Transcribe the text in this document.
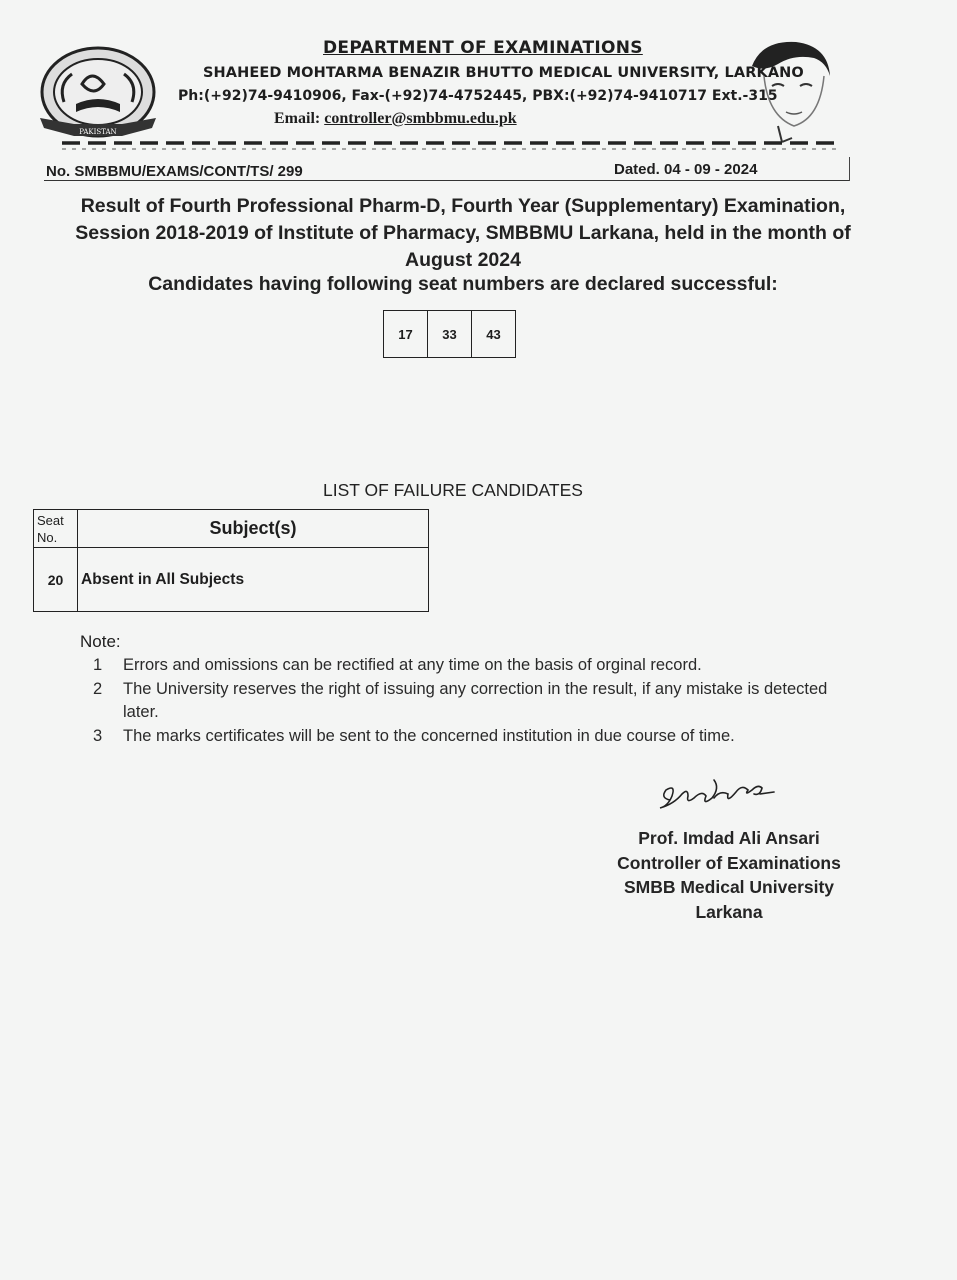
PAKISTAN
DEPARTMENT OF EXAMINATIONS
SHAHEED MOHTARMA BENAZIR BHUTTO MEDICAL UNIVERSITY, LARKANO
Ph:(+92)74-9410906, Fax-(+92)74-4752445, PBX:(+92)74-9410717 Ext.-315
Email: controller@smbbmu.edu.pk
No. SMBBMU/EXAMS/CONT/TS/ 299	Dated. 04 - 09 - 2024
Result of Fourth Professional Pharm-D, Fourth Year (Supplementary) Examination,
Session 2018-2019 of Institute of Pharmacy, SMBBMU Larkana, held in the month of
August 2024
Candidates having following seat numbers are declared successful:
17	33	43
LIST OF FAILURE CANDIDATES
Seat
No.	Subject(s)
20	Absent in All Subjects
Note:
1	Errors and omissions can be rectified at any time on the basis of orginal record.
2	The University reserves the right of issuing any correction in the result, if any mistake is detected later.
3	The marks certificates will be sent to the concerned institution in due course of time.
Prof. Imdad Ali Ansari
Controller of Examinations
SMBB Medical University
Larkana
